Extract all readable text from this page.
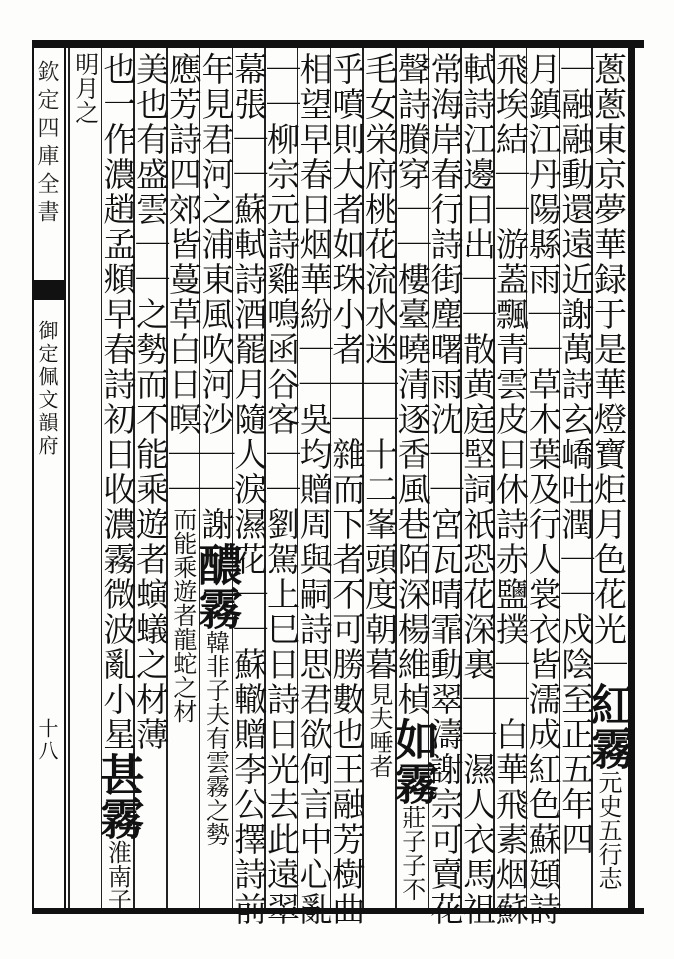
欽定四庫全書
御定佩文韻府
十八
蔥蔥東京夢華録于是華燈寶炬月色花光｜紅霧元史五行志
｜融融動還遠近謝萬詩玄嶠吐潤｜｜戍陰至正五年四
月鎮江丹陽縣雨｜｜草木葉及行人裳衣皆濡成紅色蘇頲詩
飛埃結｜｜游蓋飄青雲皮日休詩赤鹽撲｜｜白華飛素烟蘇
軾詩江邊日出｜｜散黄庭堅詞祇恐花深裏｜｜濕人衣馬祖
常海岸春行詩街塵曙雨沈｜｜宮瓦晴霏動翠濤謝宗可賣花
聲詩賸穿｜｜樓臺曉清逐香風巷陌深楊維楨如霧莊子子不
毛女栄府桃花流水迷｜｜十二峯頭度朝暮見夫唾者
乎噴則大者如珠小者｜｜雜而下者不可勝數也王融芳樹曲
相望早春日烟華紛｜｜吳均贈周與嗣詩思君欲何言中心亂
｜｜柳宗元詩雞鳴函谷客｜｜劉駕上巳日詩日光去此遠翠
幕張｜｜蘇軾詩酒罷月隨人淚濕花｜｜蘇轍贈李公擇詩前
年見君河之浦東風吹河沙｜｜謝醲霧韓非子夫有雲霧之勢
應芳詩四郊皆蔓草白日暝｜｜而能乘遊者龍蛇之材
美也有盛雲｜｜之勢而不能乘遊者螾蟻之材薄
也一作濃趙孟頫早春詩初日收濃霧微波亂小星甚霧淮南子
明月之
